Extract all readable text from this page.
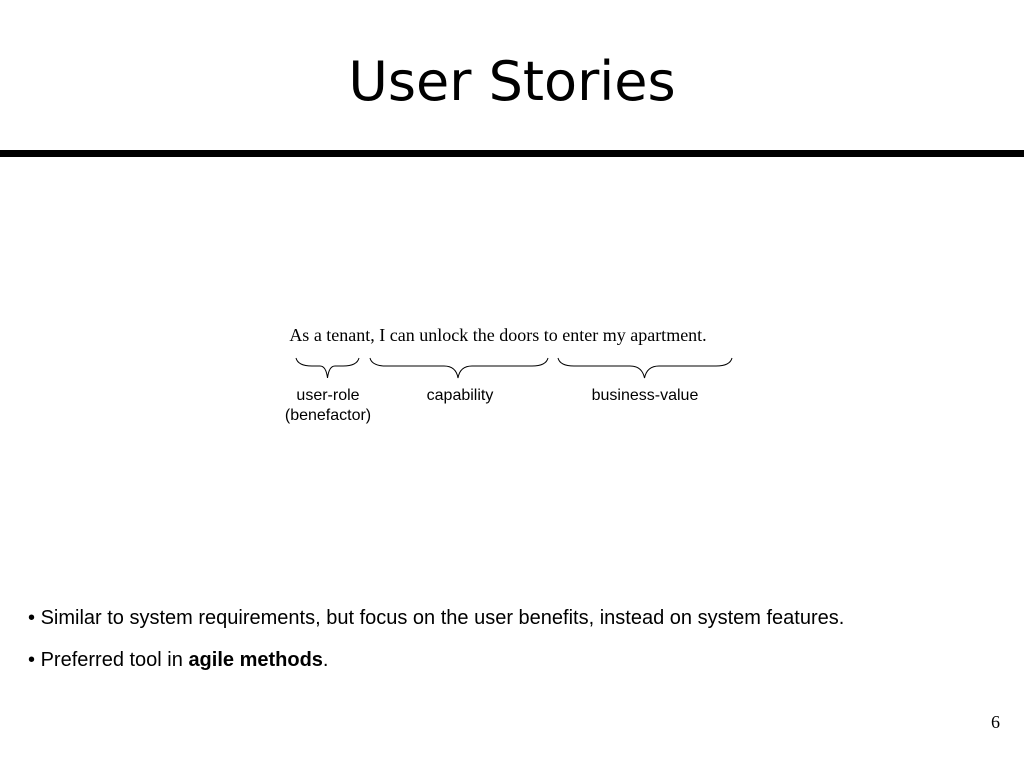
User Stories
As a tenant, I can unlock the doors to enter my apartment.
user-role
(benefactor)
capability	business-value
• Similar to system requirements, but focus on the user benefits, instead on system features.
• Preferred tool in agile methods.
6
